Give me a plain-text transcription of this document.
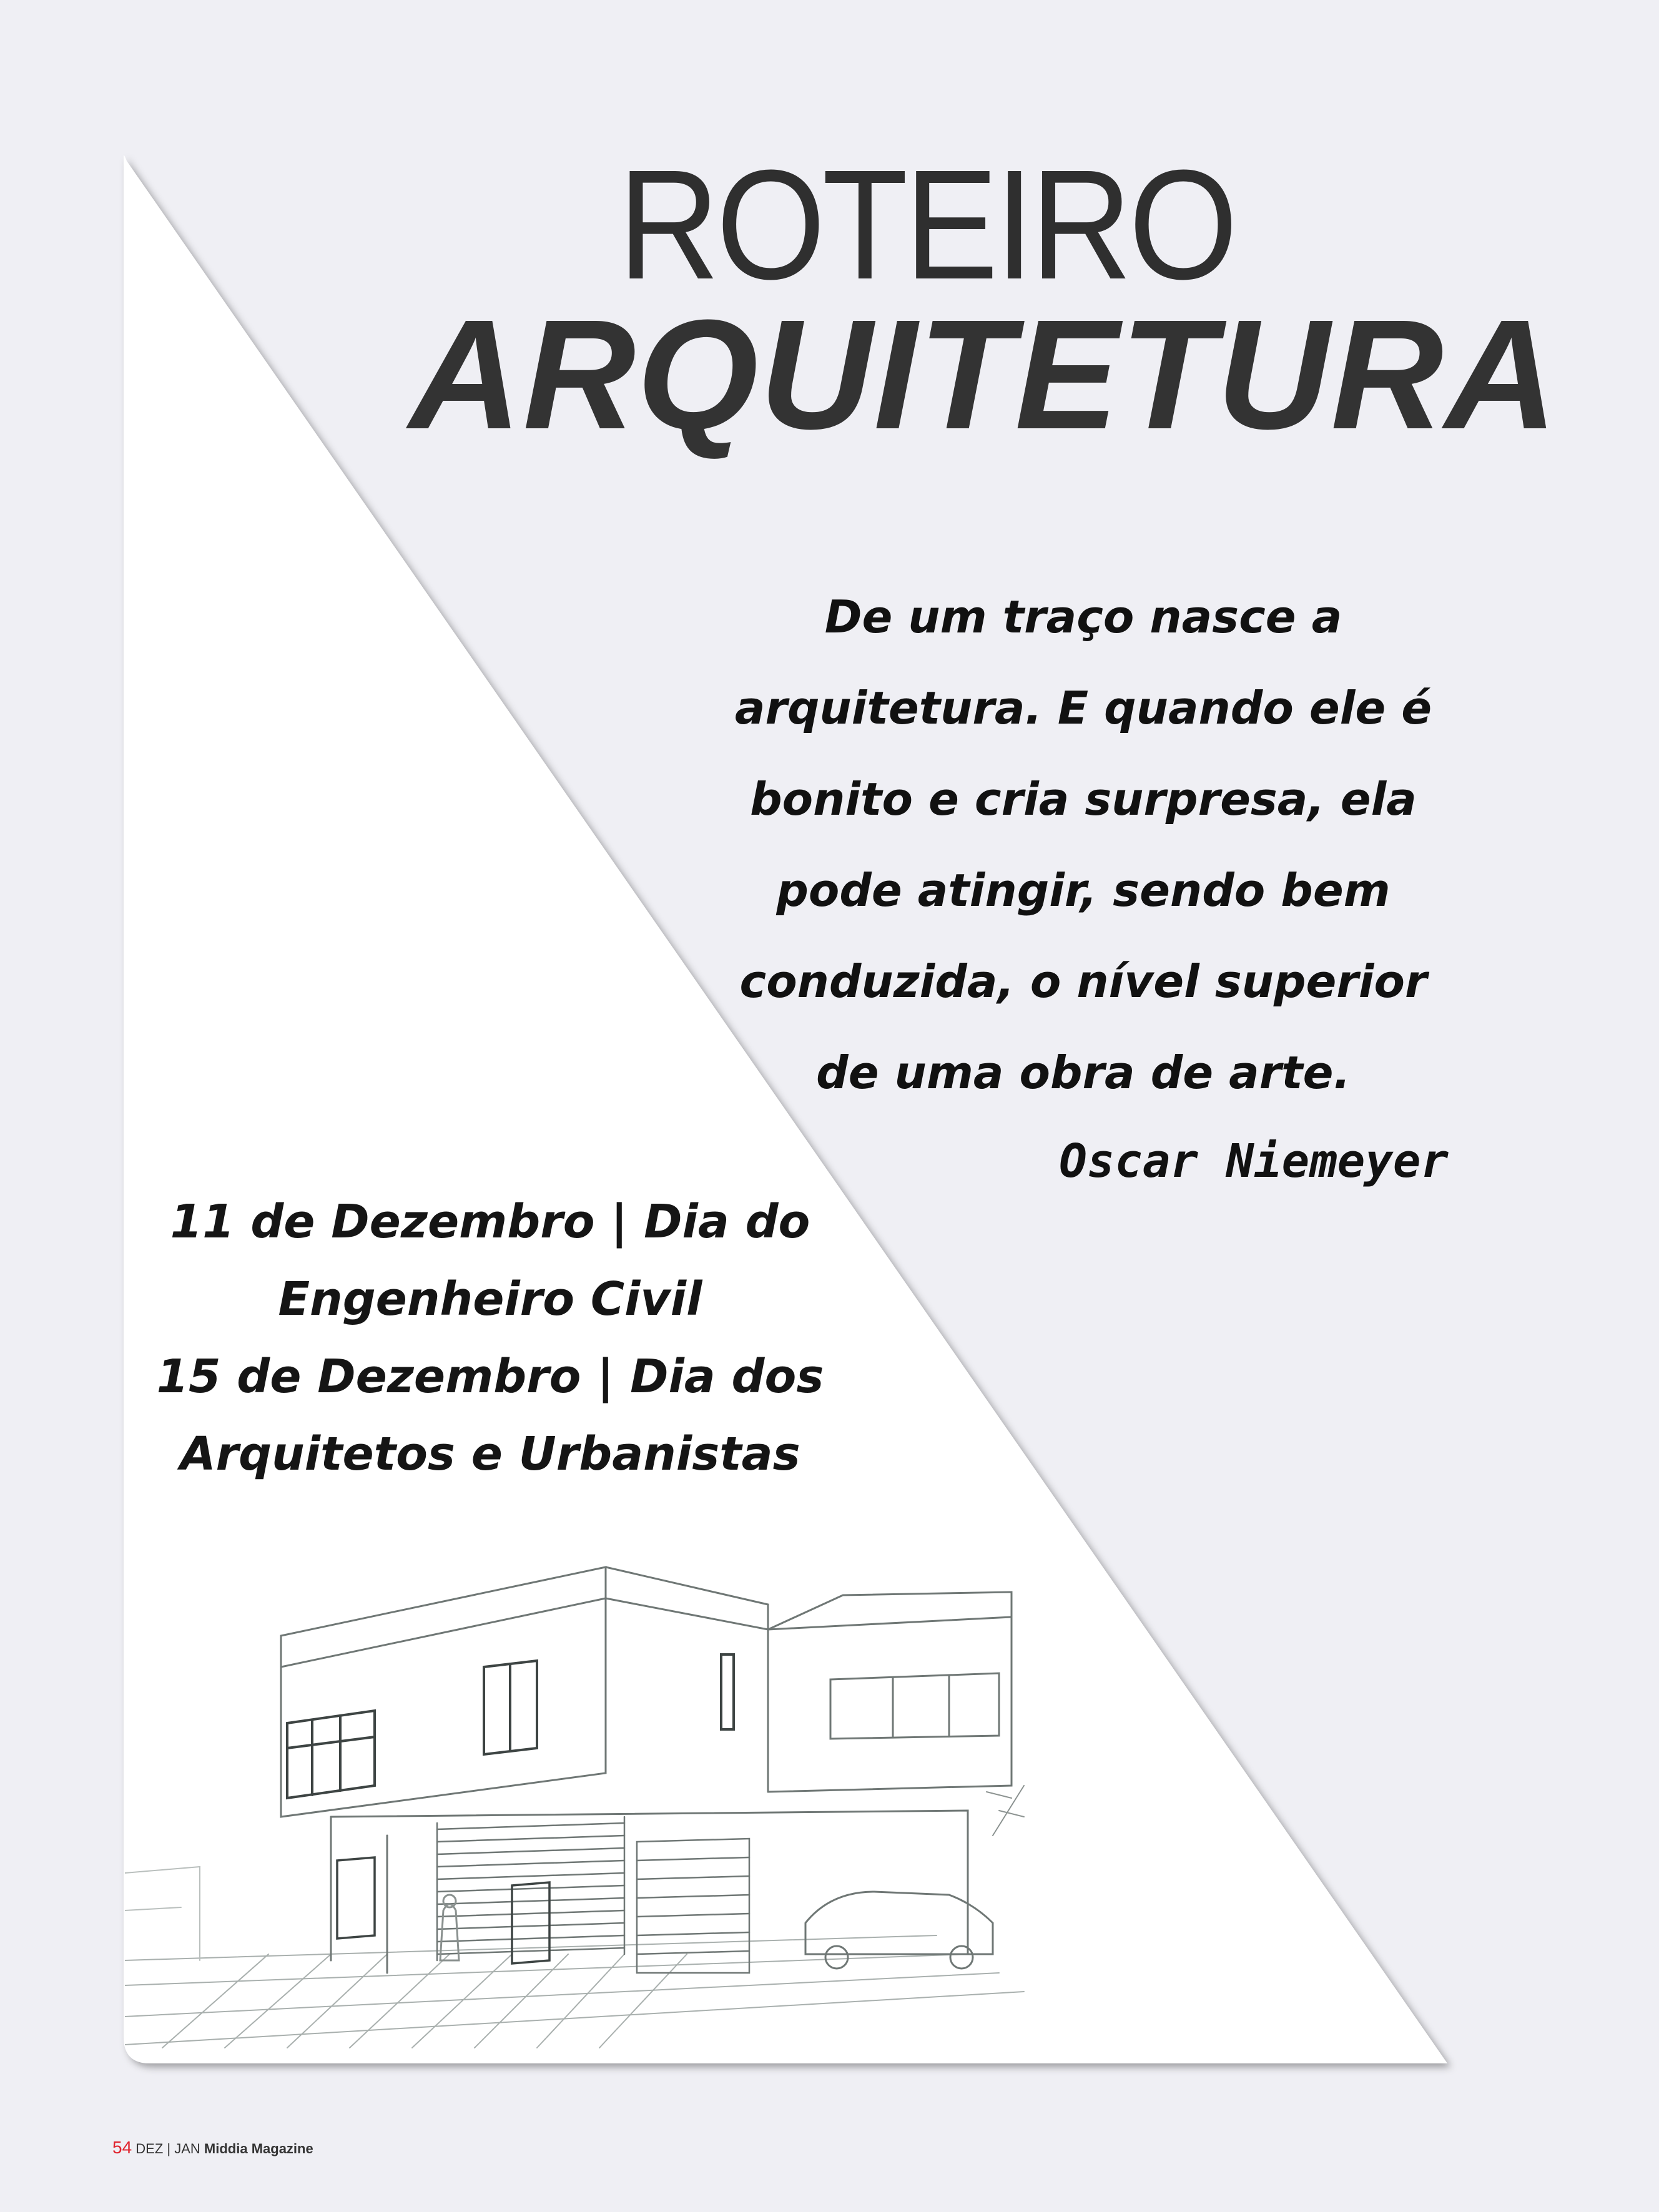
ROTEIRO
ARQUITETURA
De um traço nasce a
arquitetura. E quando ele é
bonito e cria surpresa, ela
pode atingir, sendo bem
conduzida, o nível superior
de uma obra de arte.

Oscar Niemeyer

11 de Dezembro | Dia do

Engenheiro Civil

15 de Dezembro | Dia dos

Arquitetos e Urbanistas

54 DEZ | JAN Middia Magazine
